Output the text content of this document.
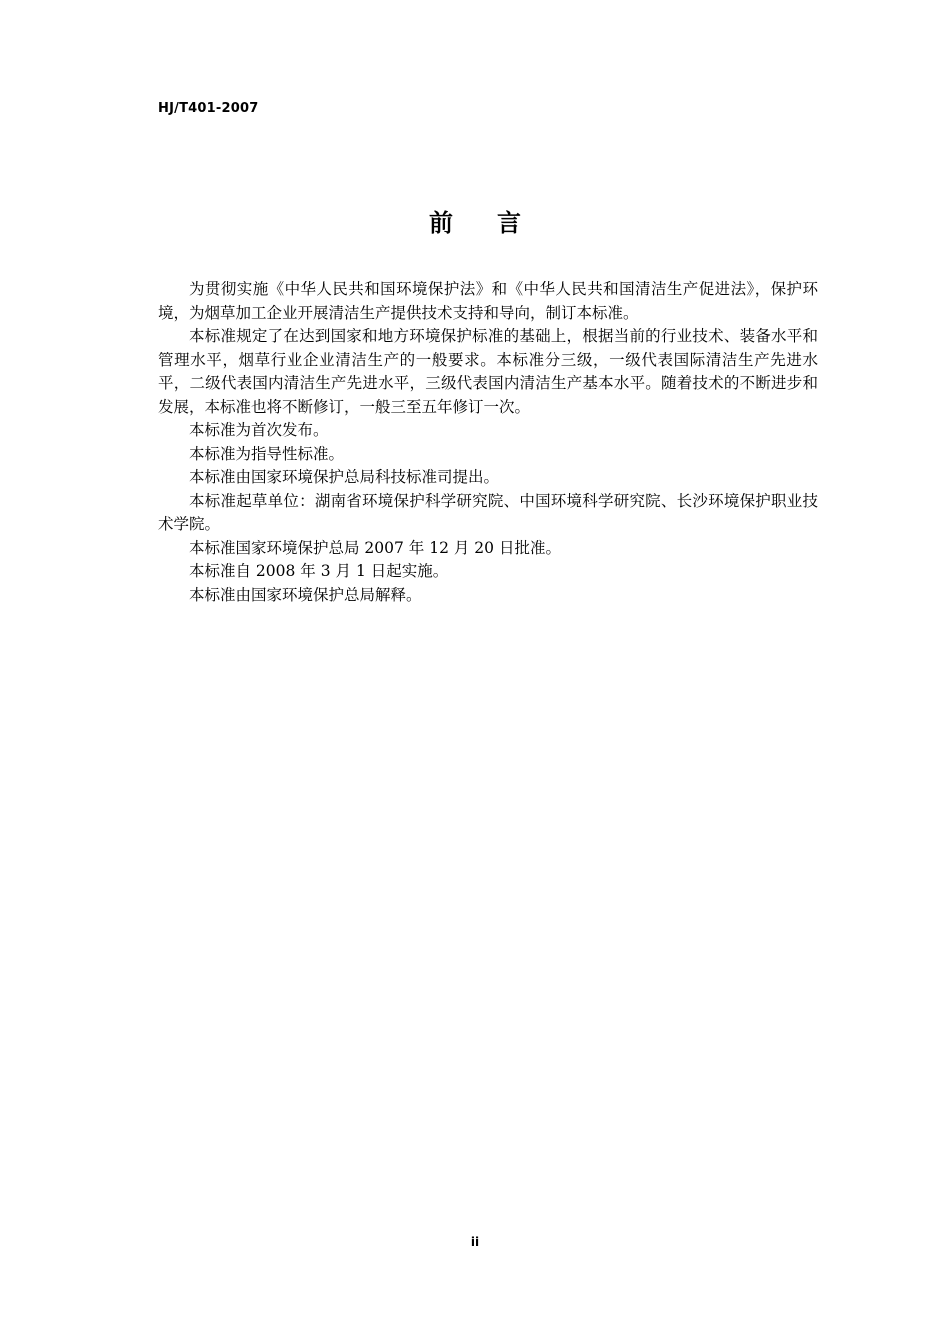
HJ/T401-2007
前言

为贯彻实施《中华人民共和国环境保护法》和《中华人民共和国清洁生产促进法》，保护环境，为烟草加工企业开展清洁生产提供技术支持和导向，制订本标准。

本标准规定了在达到国家和地方环境保护标准的基础上，根据当前的行业技术、装备水平和管理水平，烟草行业企业清洁生产的一般要求。本标准分三级，一级代表国际清洁生产先进水平，二级代表国内清洁生产先进水平，三级代表国内清洁生产基本水平。随着技术的不断进步和发展，本标准也将不断修订，一般三至五年修订一次。

本标准为首次发布。

本标准为指导性标准。

本标准由国家环境保护总局科技标准司提出。

本标准起草单位：湖南省环境保护科学研究院、中国环境科学研究院、长沙环境保护职业技术学院。

本标准国家环境保护总局 2007 年 12 月 20 日批准。

本标准自 2008 年 3 月 1 日起实施。

本标准由国家环境保护总局解释。

ii
